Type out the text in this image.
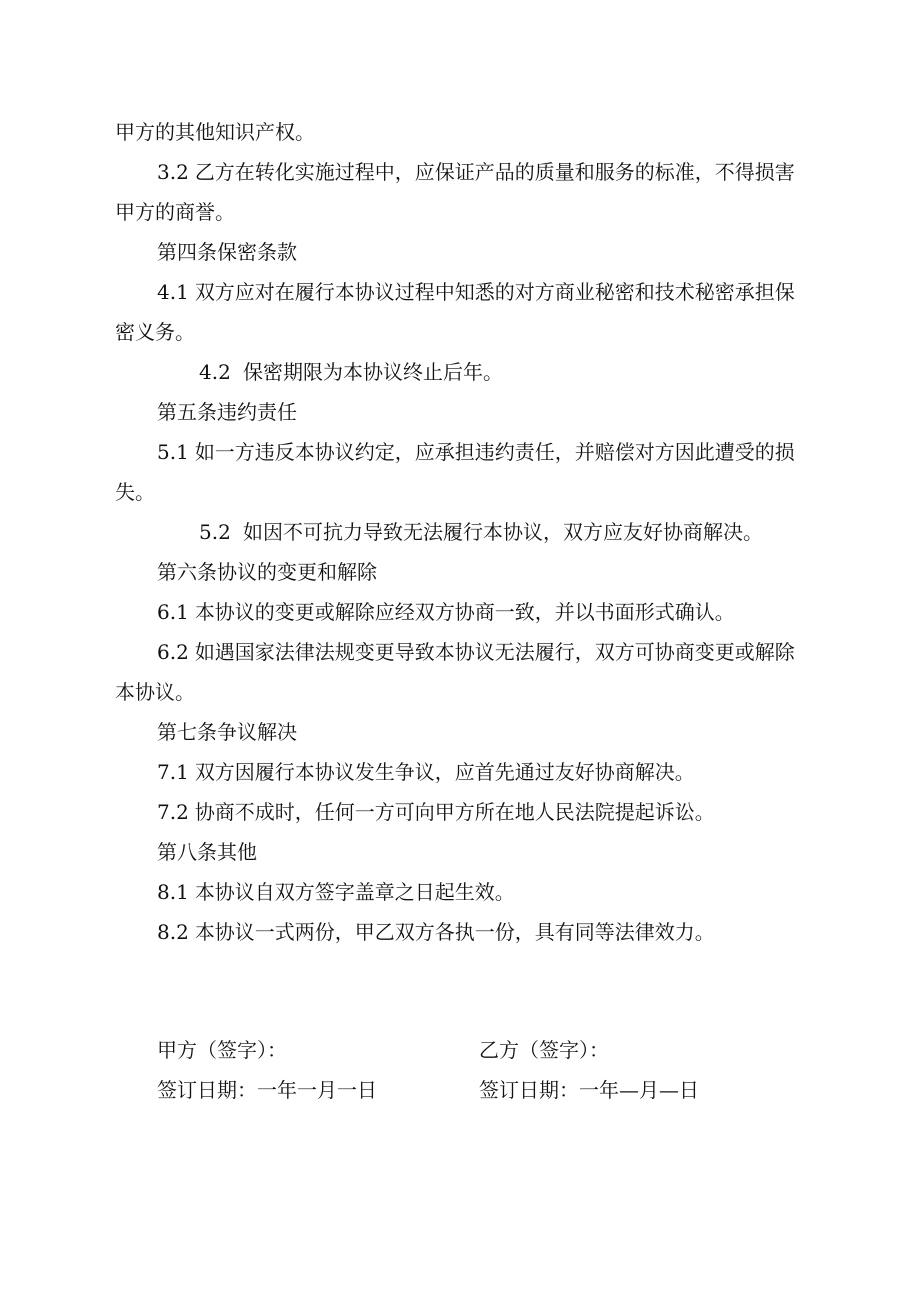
甲方的其他知识产权。
3.2 乙方在转化实施过程中，应保证产品的质量和服务的标准，不得损害甲方的商誉。
第四条保密条款
4.1 双方应对在履行本协议过程中知悉的对方商业秘密和技术秘密承担保密义务。
4.2 保密期限为本协议终止后年。
第五条违约责任
5.1 如一方违反本协议约定，应承担违约责任，并赔偿对方因此遭受的损失。
5.2 如因不可抗力导致无法履行本协议，双方应友好协商解决。
第六条协议的变更和解除
6.1 本协议的变更或解除应经双方协商一致，并以书面形式确认。
6.2 如遇国家法律法规变更导致本协议无法履行，双方可协商变更或解除本协议。
第七条争议解决
7.1 双方因履行本协议发生争议，应首先通过友好协商解决。
7.2 协商不成时，任何一方可向甲方所在地人民法院提起诉讼。
第八条其他
8.1 本协议自双方签字盖章之日起生效。
8.2 本协议一式两份，甲乙双方各执一份，具有同等法律效力。
甲方（签字）：	乙方（签字）：
签订日期：一年一月一日	签订日期：一年—月—日
